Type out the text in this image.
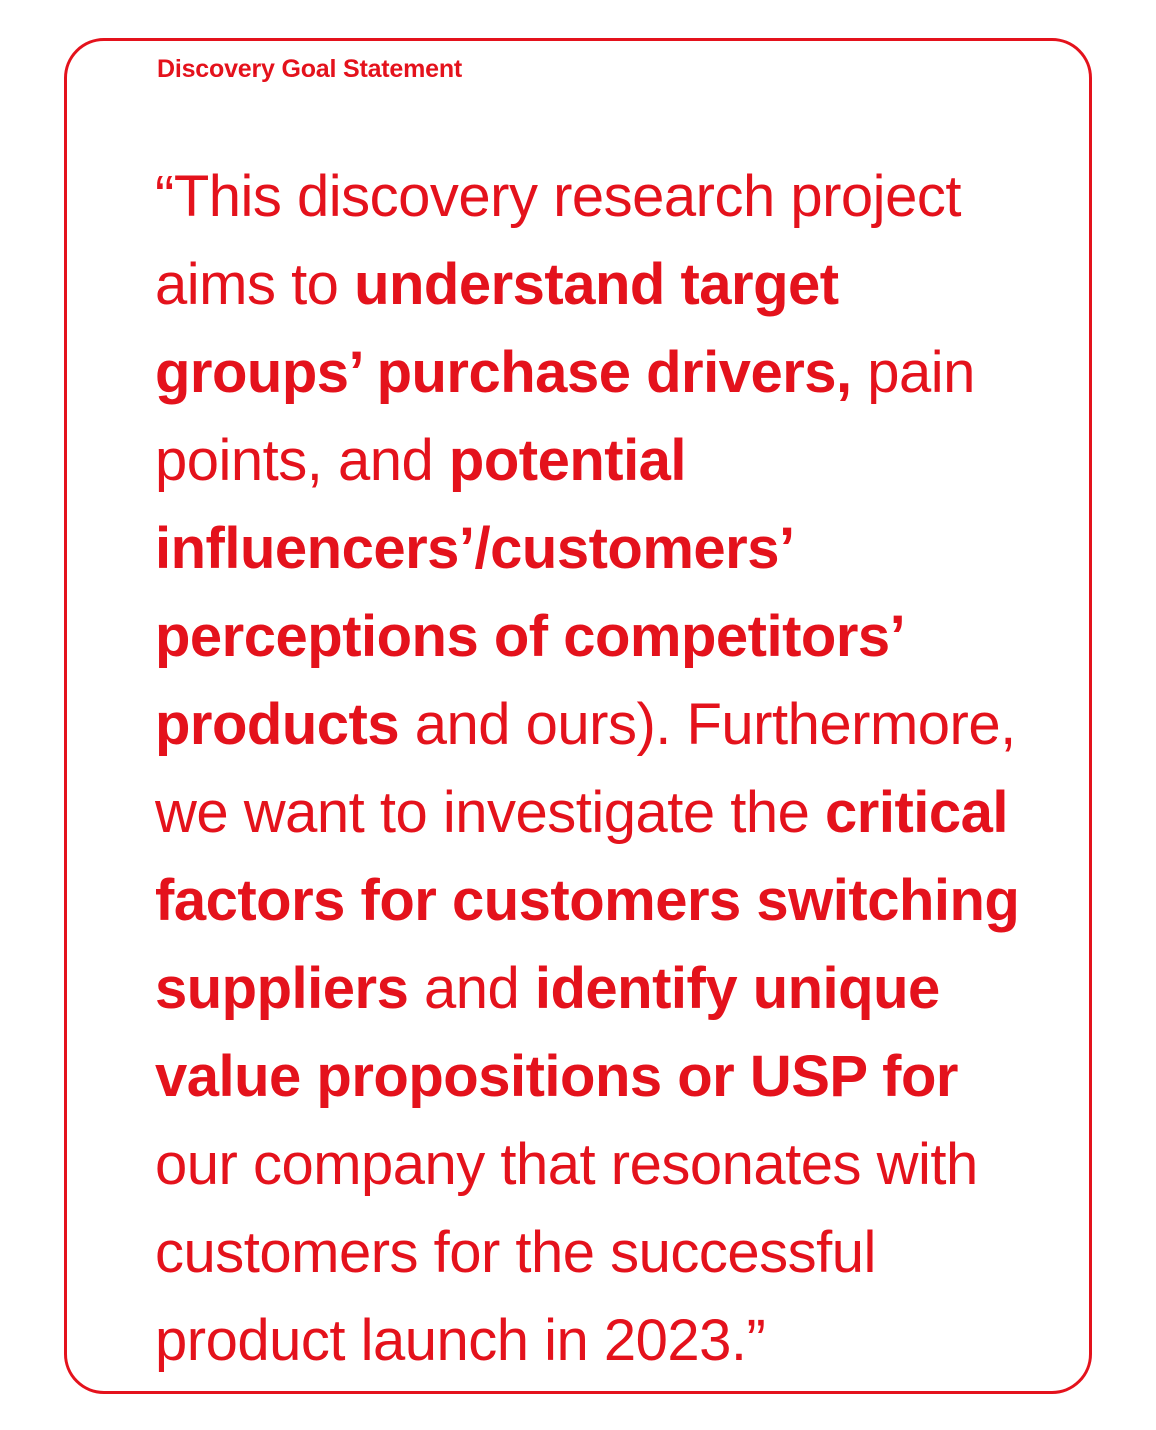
Discovery Goal Statement
“This discovery research project aims to understand target groups’ purchase drivers, pain points, and potential influencers’/customers’ perceptions of competitors’ products and ours). Furthermore, we want to investigate the critical factors for customers switching suppliers and identify unique value propositions or USP for our company that resonates with customers for the successful product launch in 2023.”
